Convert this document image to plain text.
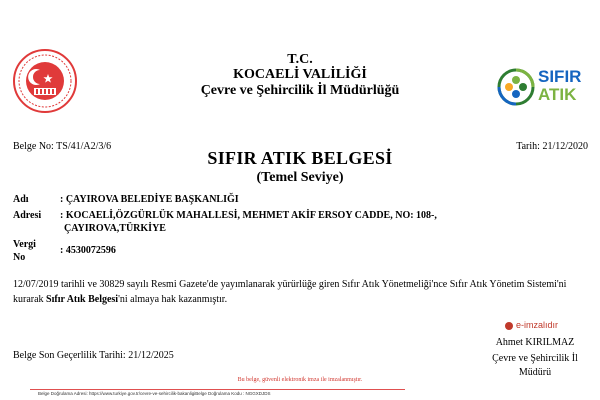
T.C.
KOCAELİ VALİLİĞİ
Çevre ve Şehircilik İl Müdürlüğü
SIFIR
ATIK
Belge No: TS/41/A2/3/6	Tarih: 21/12/2020
SIFIR ATIK BELGESİ
(Temel Seviye)
Adı	: ÇAYIROVA BELEDİYE BAŞKANLIĞI
Adresi : KOCAELİ,ÖZGÜRLÜK MAHALLESİ, MEHMET AKİF ERSOY CADDE, NO: 108-,
ÇAYIROVA,TÜRKİYE
Vergi
No
: 4530072596
12/07/2019 tarihli ve 30829 sayılı Resmi Gazete'de yayımlanarak yürürlüğe giren Sıfır Atık Yönetmeliği'nce Sıfır Atık Yönetim Sistemi'ni kurarak Sıfır Atık Belgesi'ni almaya hak kazanmıştır.
e-imzalıdır
Belge Son Geçerlilik Tarihi: 21/12/2025
Ahmet KIRILMAZ
Çevre ve Şehircilik İl
Müdürü
Bu belge, güvenli elektronik imza ile imzalanmıştır.
Belge Doğrulama Adresi: https://www.turkiye.gov.tr/cevre-ve-sehircilik-bakanligiBelge Doğrulama Kodu : NGGXDJDS
